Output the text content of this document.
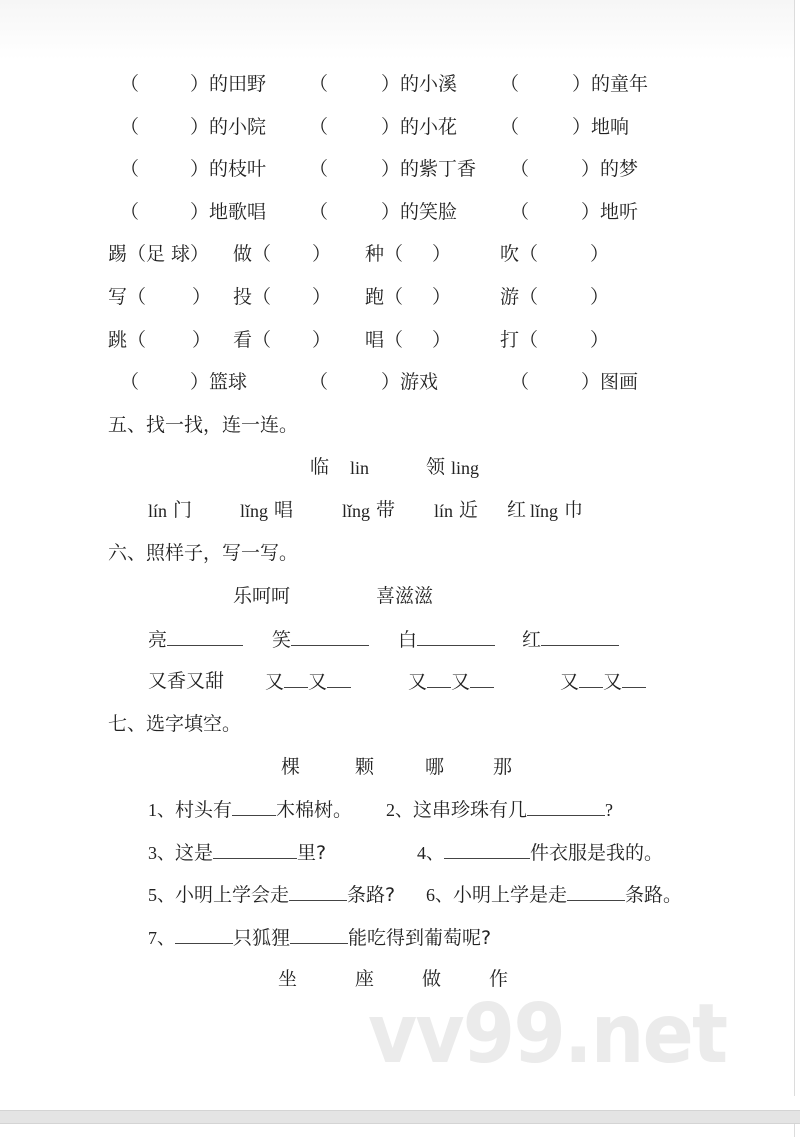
（	）的田野 （	）的小溪 （	）的童年
（	）的小院 （	）的小花 （	）地响
（	）的枝叶 （	）的紫丁香 （	）的梦
（	）地歌唱 （	）的笑脸	（	）地听
踢（足 球） 做（ ） 种（ ）	吹（	）
写（ ） 投（ ） 跑（ ）	游（	）
跳（ ） 看（ ） 唱（ ）	打（	）
（	）篮球	（	）游戏	（	）图画
五、找一找，连一连。
临 lin	领 ling
lín 门	lǐng 唱	lǐng 带 lín 近 红 lǐng 巾
六、照样子，写一写。
乐呵呵	喜滋滋
亮	笑	白	红
又香又甜 又 又	又 又	又 又
七、选字填空。
棵	颗	哪	那
1、村头有 木棉树。 2、这串珍珠有几	?
3、这是	里?	4、	件衣服是我的。
5、小明上学会走	条路? 6、小明上学是走	条路。
7、	只狐狸	能吃得到葡萄呢?
坐	座	做	作
vv99.net
